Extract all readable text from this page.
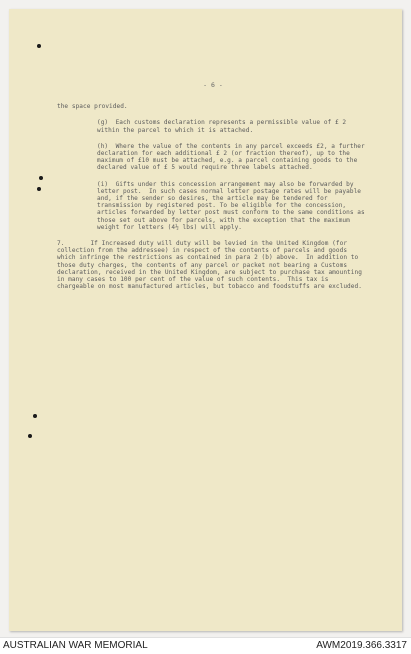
- 6 -

the space provided.

(g)  Each customs declaration represents a permissible value of £ 2 within the parcel to which it is attached.

(h)  Where the value of the contents in any parcel exceeds £2, a further declaration for each additional £ 2 (or fraction thereof), up to the maximum of £10 must be attached, e.g. a parcel containing goods to the declared value of £ 5 would require three labels attached.

(i)  Gifts under this concession arrangement may also be forwarded by letter post.  In such cases normal letter postage rates will be payable and, if the sender so desires, the article may be tendered for transmission by registered post. To be eligible for the concession, articles forwarded by letter post must conform to the same conditions as those set out above for parcels, with the exception that the maximum weight for letters (4½ lbs) will apply.

7.       If Increased duty will duty will be levied in the United Kingdom (for collection from the addressee) in respect of the contents of parcels and goods which infringe the restrictions as contained in para 2 (b) above.  In addition to those duty charges, the contents of any parcel or packet not bearing a Customs declaration, received in the United Kingdom, are subject to purchase tax amounting in many cases to 100 per cent of the value of such contents.  This tax is chargeable on most manufactured articles, but tobacco and foodstuffs are excluded.

AUSTRALIAN WAR MEMORIAL	AWM2019.366.3317
